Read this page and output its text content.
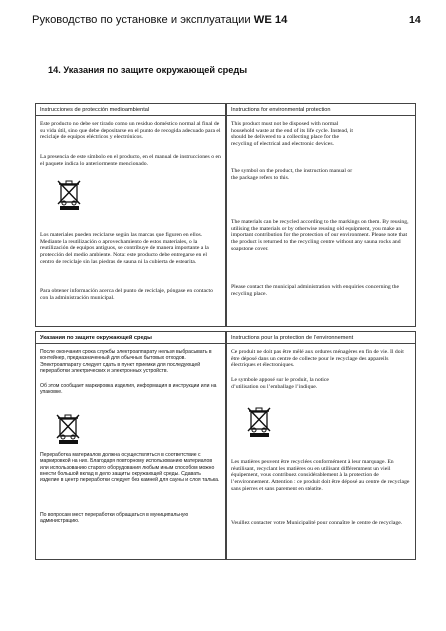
Руководство по установке и эксплуатации WE 14	14
14. Указания по защите окружающей среды
Instrucciones de protección medioambiental

Este producto no debe ser tirado como un residuo doméstico normal al final de su vida útil, sino que debe depositarse en el punto de recogida adecuado para el reciclaje de equipos eléctricos y electrónicos.

La presencia de este símbolo en el producto, en el manual de instrucciones o en el paquete indica lo anteriormente mencionado.

Los materiales pueden reciclarse según las marcas que figuren en ellos. Mediante la reutilización o aprovechamiento de estos materiales, o la reutilización de equipos antiguos, se contribuye de manera importante a la protección del medio ambiente. Nota: este producto debe entregarse en el centro de reciclaje sin las piedras de sauna ni la cubierta de estearita.

Para obtener información acerca del punto de reciclaje, póngase en contacto con la administración municipal.

Instructions for environmental protection

This product must not be disposed with normal household waste at the end of its life cycle. Instead, it should be delivered to a collecting place for the recycling of electrical and electronic devices.

The symbol on the product, the instruction manual or the package refers to this.

The materials can be recycled according to the markings on them. By reusing, utilising the materials or by otherwise reusing old equipment, you make an important contribution for the protection of our environment. Please note that the product is returned to the recycling centre without any sauna rocks and soapstone cover.

Please contact the municipal administration with enquiries concerning the recycling place.

Указания по защите окружающей среды

После окончания срока службы электроаппарату нельзя выбрасывать в контейнер, предназначенный для обычных бытовых отходов. Электроаппарату следует сдать в пункт приемки для последующей переработки электрических и электронных устройств.

Об этом сообщает маркировка изделия, информация в инструкции или на упаковке.

Переработка материалов должна осуществляться в соответствие с маркировкой на них. Благодаря повторному использованию материалов или использованию старого оборудования любым иным способом можно внести большой вклад в дело защиты окружающей среды. Сдавать изделие в центр переработки следует без камней для сауны и слоя талька.

По вопросам мест переработки обращаться в муниципальную администрацию.

Instructions pour la protection de l’environnement

Ce produit ne doit pas être mêlé aux ordures ménagères en fin de vie. Il doit être déposé dans un centre de collecte pour le recyclage des appareils électriques et électroniques.

Le symbole apposé sur le produit, la notice d’utilisation ou l’emballage l’indique.

Les matières peuvent être recyclées conformément à leur marquage. En réutilisant, recyclant les matières ou en utilisant différemment un vieil équipement, vous contribuez considérablement à la protection de l’environnement. Attention : ce produit doit être déposé au centre de recyclage sans pierres et sans parement en stéatite.

Veuillez contacter votre Municipalité pour connaître le centre de recyclage.
